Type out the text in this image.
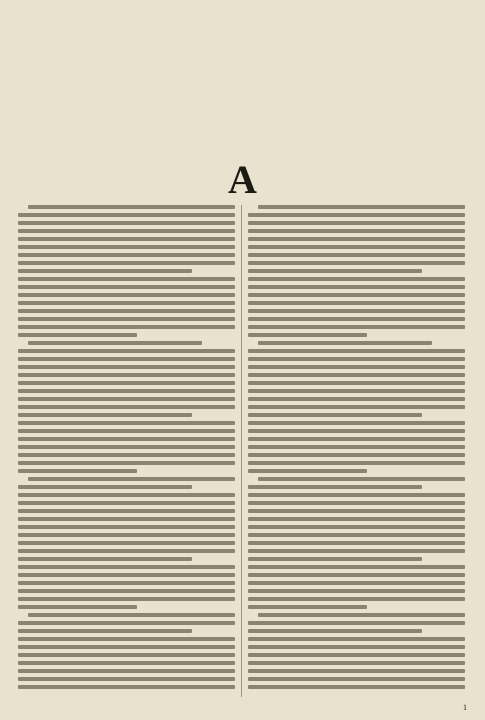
А
1
